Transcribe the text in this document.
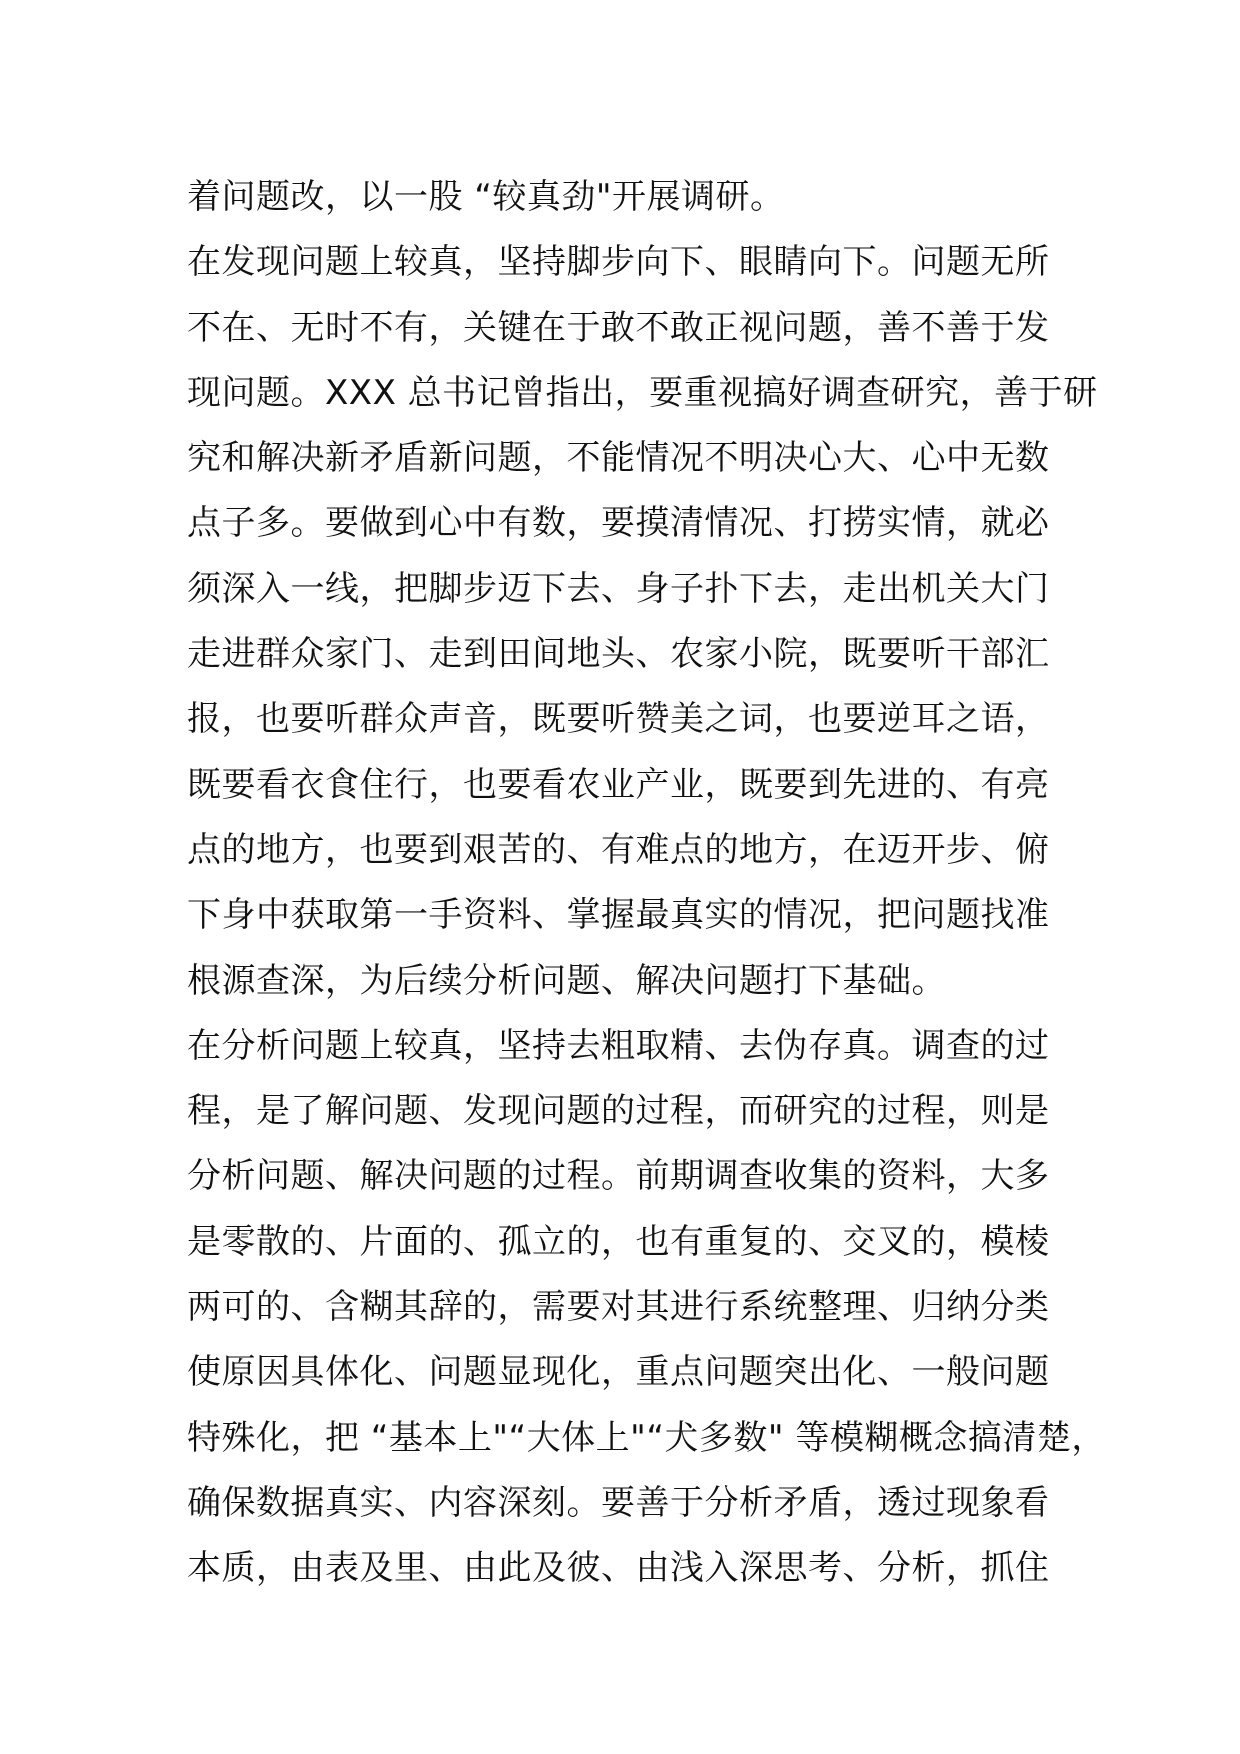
着问题改，以一股 “较真劲"开展调研。
在发现问题上较真，坚持脚步向下、眼睛向下。问题无所
不在、无时不有，关键在于敢不敢正视问题，善不善于发
现问题。XXX 总书记曾指出，要重视搞好调查研究，善于研
究和解决新矛盾新问题，不能情况不明决心大、心中无数
点子多。要做到心中有数，要摸清情况、打捞实情，就必
须深入一线，把脚步迈下去、身子扑下去，走出机关大门
走进群众家门、走到田间地头、农家小院，既要听干部汇
报，也要听群众声音，既要听赞美之词，也要逆耳之语，
既要看衣食住行，也要看农业产业，既要到先进的、有亮
点的地方，也要到艰苦的、有难点的地方，在迈开步、俯
下身中获取第一手资料、掌握最真实的情况，把问题找准
根源查深，为后续分析问题、解决问题打下基础。
在分析问题上较真，坚持去粗取精、去伪存真。调查的过
程，是了解问题、发现问题的过程，而研究的过程，则是
分析问题、解决问题的过程。前期调查收集的资料，大多
是零散的、片面的、孤立的，也有重复的、交叉的，模棱
两可的、含糊其辞的，需要对其进行系统整理、归纳分类
使原因具体化、问题显现化，重点问题突出化、一般问题
特殊化，把 “基本上"“大体上"“犬多数" 等模糊概念搞清楚，
确保数据真实、内容深刻。要善于分析矛盾，透过现象看
本质，由表及里、由此及彼、由浅入深思考、分析，抓住
